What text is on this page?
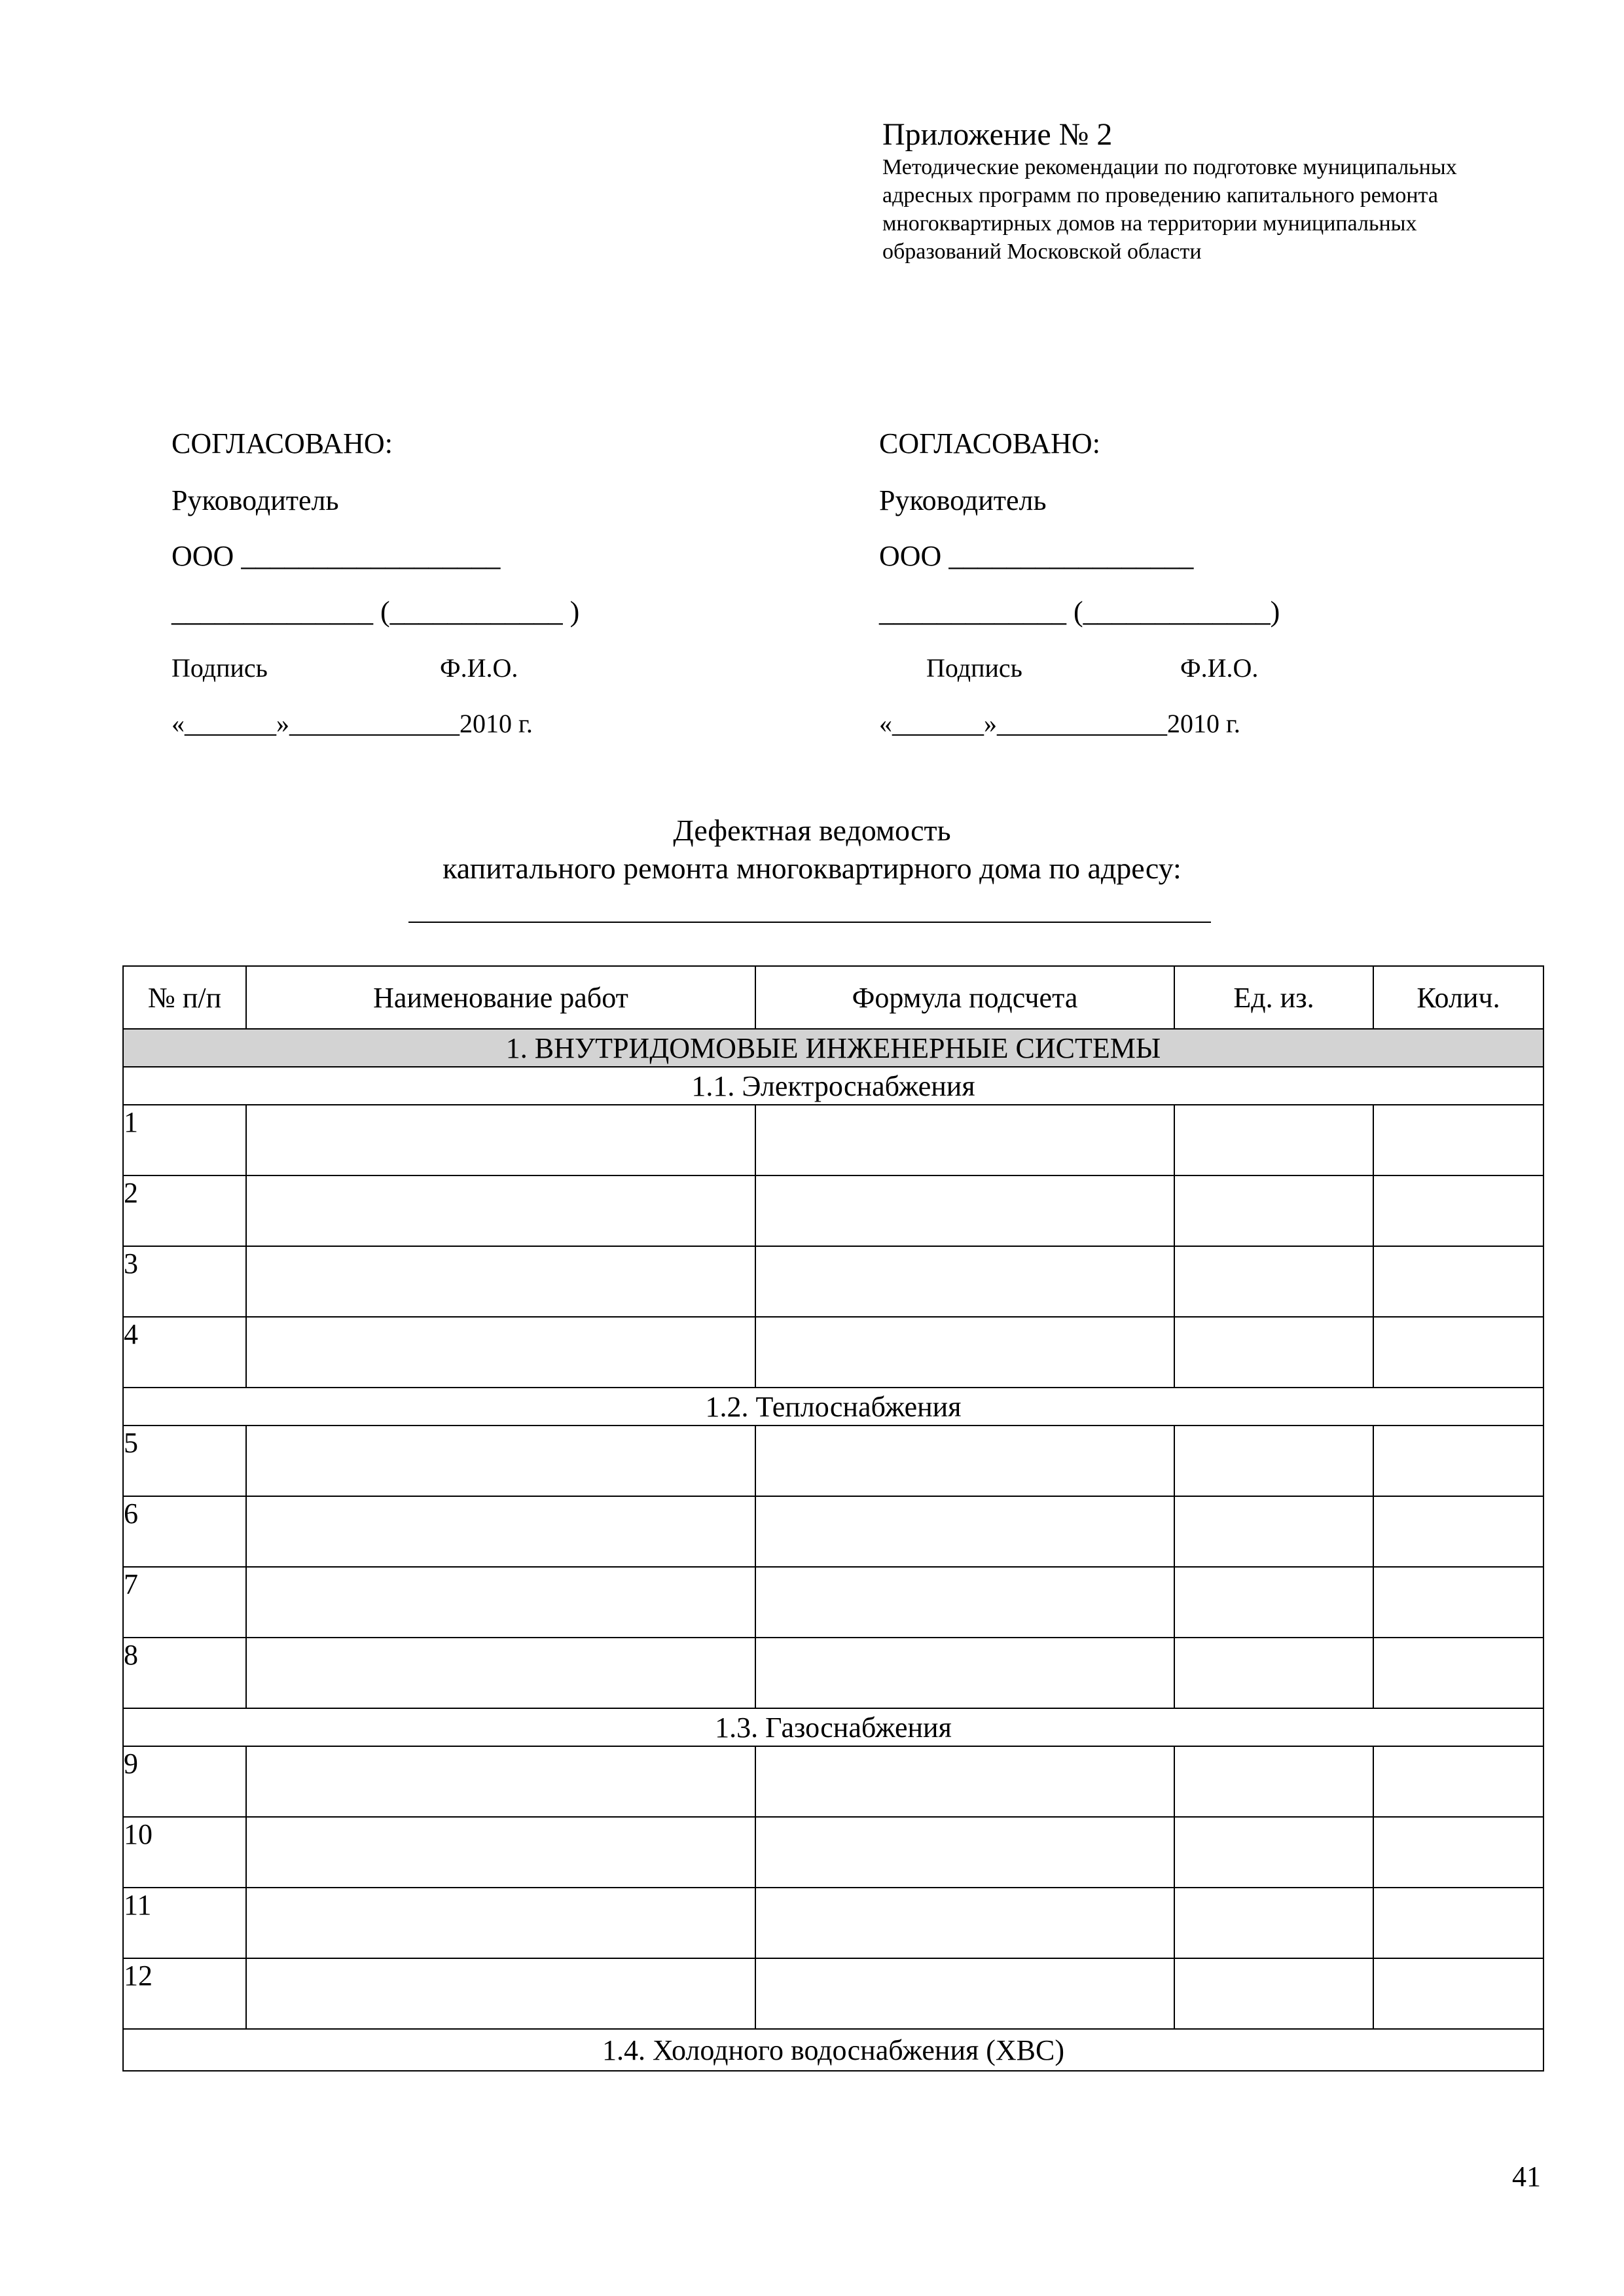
Приложение № 2
Методические рекомендации по подготовке муниципальных
адресных программ по проведению капитального ремонта
многоквартирных домов на территории муниципальных
образований Московской области
СОГЛАСОВАНО:
Руководитель
ООО __________________
______________ (____________ )
Подпись	Ф.И.О.
«_______»_____________2010 г.
СОГЛАСОВАНО:
Руководитель
ООО _________________
_____________ (_____________)
Подпись	Ф.И.О.
«_______»_____________2010 г.
Дефектная ведомость
капитального ремонта многоквартирного дома по адресу:
№ п/п	Наименование работ	Формула подсчета	Ед. из.	Колич.
1. ВНУТРИДОМОВЫЕ ИНЖЕНЕРНЫЕ СИСТЕМЫ				
1.1. Электроснабжения				
1				
2				
3				
4				
1.2. Теплоснабжения				
5				
6				
7				
8				
1.3. Газоснабжения				
9				
10				
11				
12				
1.4. Холодного водоснабжения (ХВС)				
41
